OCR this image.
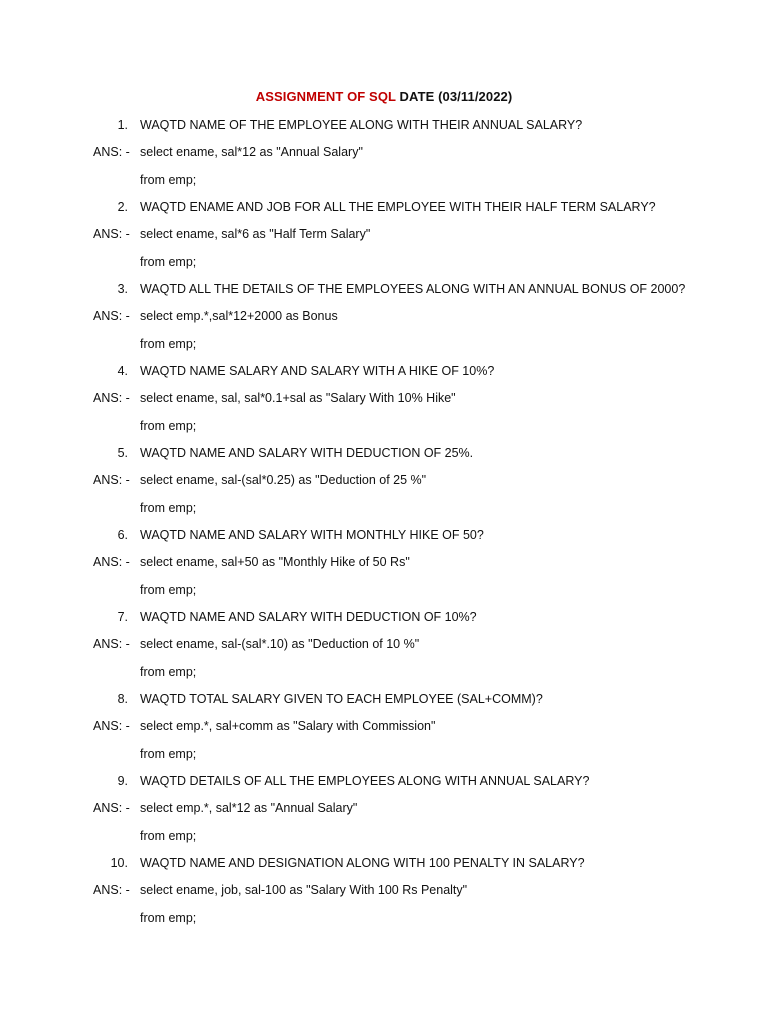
ASSIGNMENT OF SQL DATE (03/11/2022)
1. WAQTD NAME OF THE EMPLOYEE ALONG WITH THEIR ANNUAL SALARY?
ANS: - select ename, sal*12 as "Annual Salary"
from emp;
2. WAQTD ENAME AND JOB FOR ALL THE EMPLOYEE WITH THEIR HALF TERM SALARY?
ANS: - select ename, sal*6 as "Half Term Salary"
from emp;
3. WAQTD ALL THE DETAILS OF THE EMPLOYEES ALONG WITH AN ANNUAL BONUS OF 2000?
ANS: - select emp.*,sal*12+2000 as Bonus
from emp;
4. WAQTD NAME SALARY AND SALARY WITH A HIKE OF 10%?
ANS: - select ename, sal, sal*0.1+sal as "Salary With 10% Hike"
from emp;
5. WAQTD NAME AND SALARY WITH DEDUCTION OF 25%.
ANS: - select ename, sal-(sal*0.25) as "Deduction of 25 %"
from emp;
6. WAQTD NAME AND SALARY WITH MONTHLY HIKE OF 50?
ANS: - select ename, sal+50 as "Monthly Hike of 50 Rs"
from emp;
7. WAQTD NAME AND SALARY WITH DEDUCTION OF 10%?
ANS: - select ename, sal-(sal*.10) as "Deduction of 10 %"
from emp;
8. WAQTD TOTAL SALARY GIVEN TO EACH EMPLOYEE (SAL+COMM)?
ANS: - select emp.*, sal+comm as "Salary with Commission"
from emp;
9. WAQTD DETAILS OF ALL THE EMPLOYEES ALONG WITH ANNUAL SALARY?
ANS: - select emp.*, sal*12 as "Annual Salary"
from emp;
10. WAQTD NAME AND DESIGNATION ALONG WITH 100 PENALTY IN SALARY?
ANS: - select ename, job, sal-100 as "Salary With 100 Rs Penalty"
from emp;
